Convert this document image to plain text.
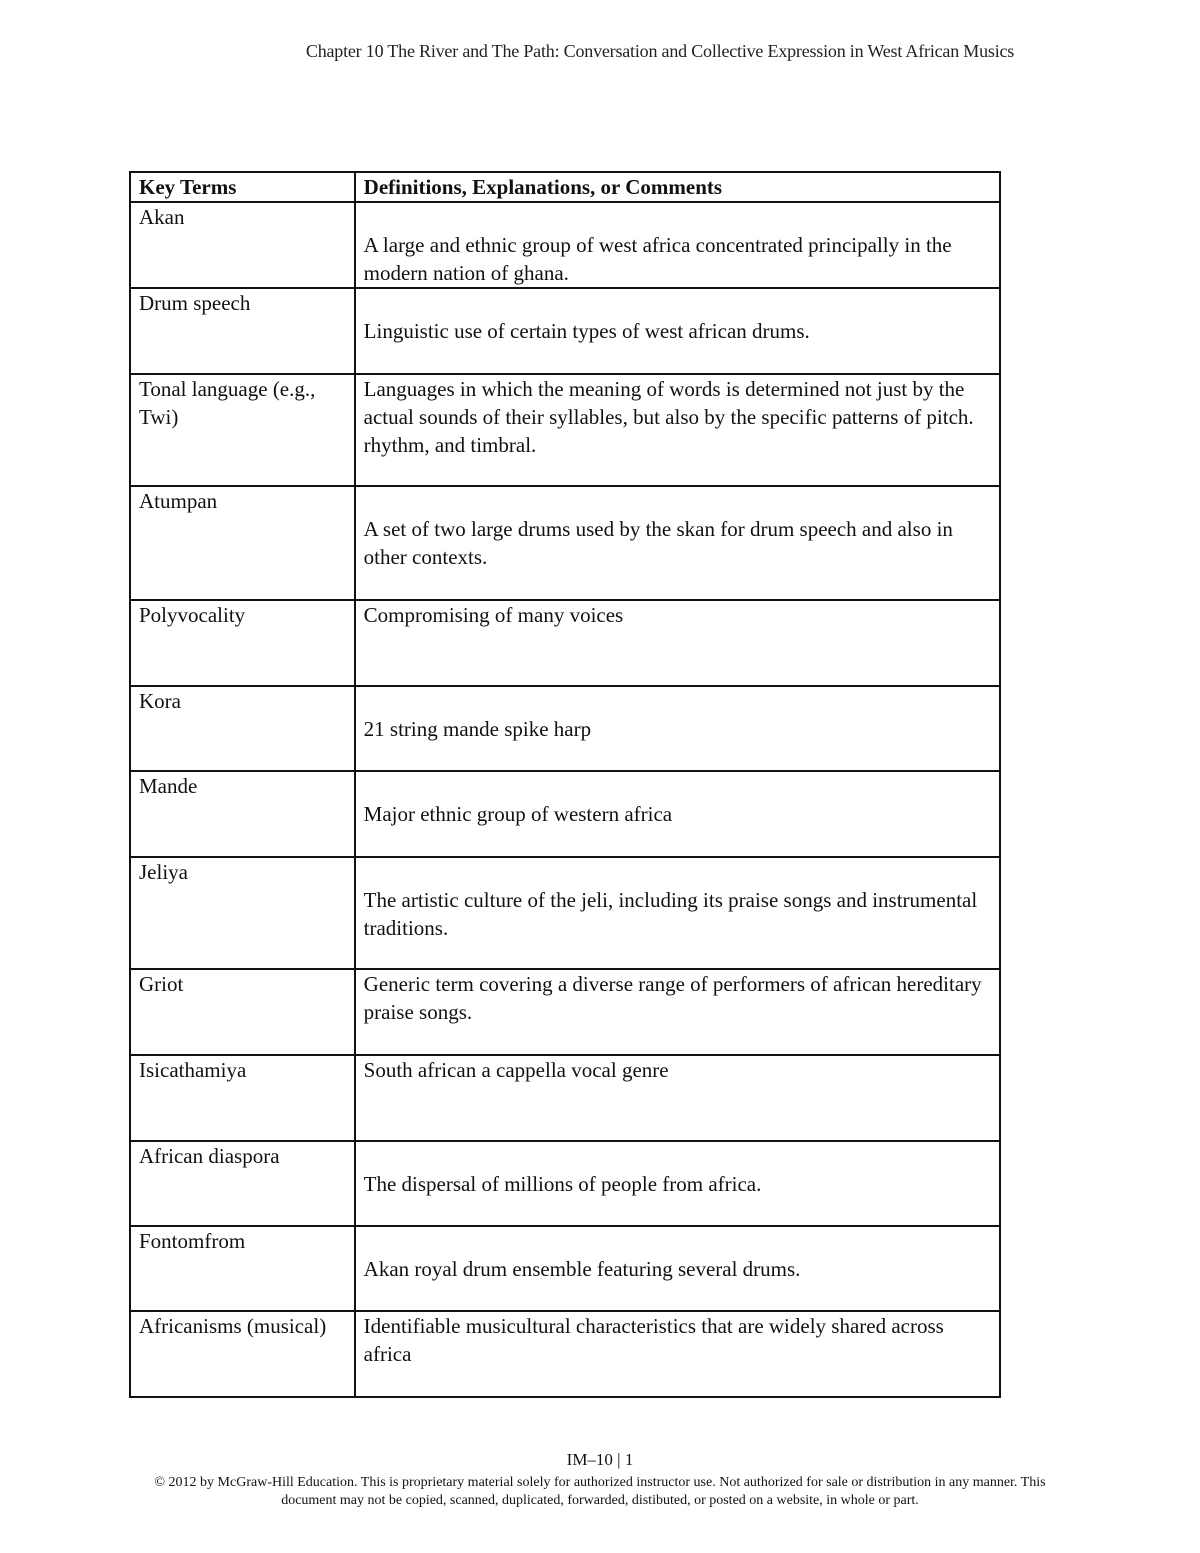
Chapter 10 The River and The Path: Conversation and Collective Expression in West African Musics
Key Terms	Definitions, Explanations, or Comments
Akan	A large and ethnic group of west africa concentrated principally in the modern nation of ghana.
Drum speech	Linguistic use of certain types of west african drums.
Tonal language (e.g., Twi)	Languages in which the meaning of words is determined not just by the actual sounds of their syllables, but also by the specific patterns of pitch. rhythm, and timbral.
Atumpan	A set of two large drums used by the skan for drum speech and also in other contexts.
Polyvocality	Compromising of many voices
Kora	21 string mande spike harp
Mande	Major ethnic group of western africa
Jeliya	The artistic culture of the jeli, including its praise songs and instrumental traditions.
Griot	Generic term covering a diverse range of performers of african hereditary praise songs.
Isicathamiya	South african a cappella vocal genre
African diaspora	The dispersal of millions of people from africa.
Fontomfrom	Akan royal drum ensemble featuring several drums.
Africanisms (musical)	Identifiable musicultural characteristics that are widely shared across africa
IM–10 | 1
© 2012 by McGraw-Hill Education. This is proprietary material solely for authorized instructor use. Not authorized for sale or distribution in any manner. This document may not be copied, scanned, duplicated, forwarded, distibuted, or posted on a website, in whole or part.
